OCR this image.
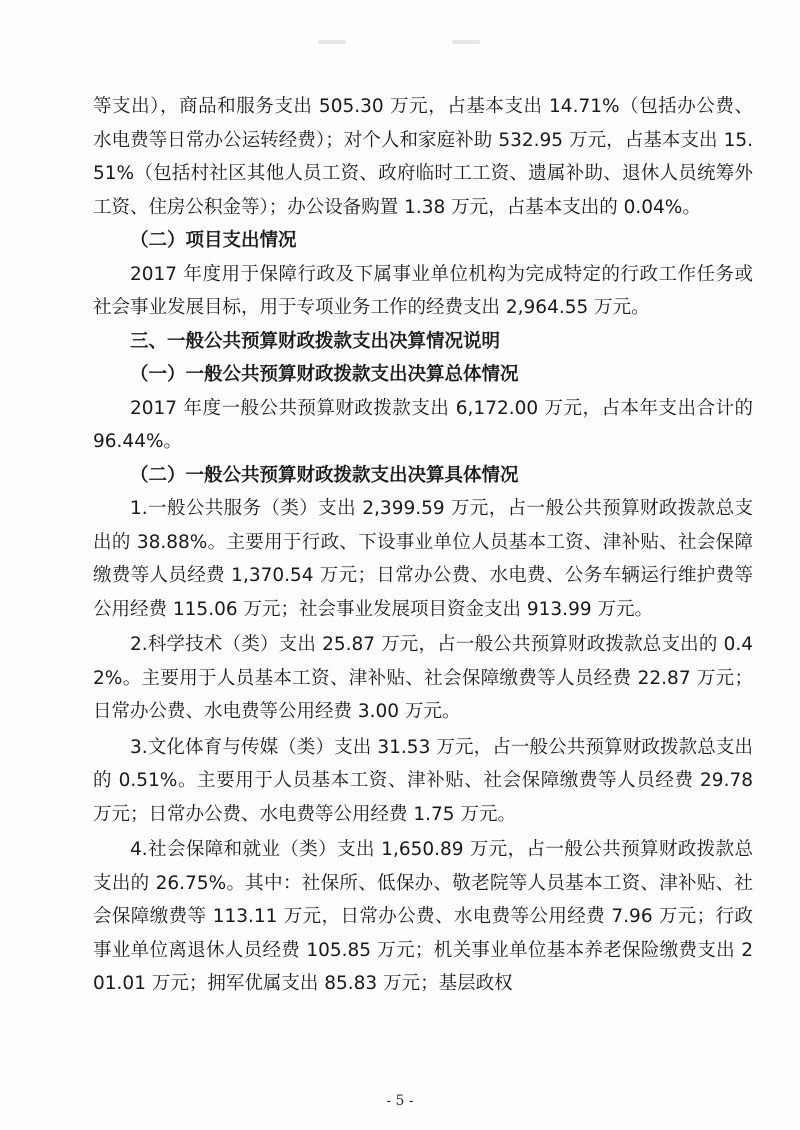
等支出），商品和服务支出 505.30 万元，占基本支出 14.71%（包括办公费、水电费等日常办公运转经费）；对个人和家庭补助 532.95 万元，占基本支出 15.51%（包括村社区其他人员工资、政府临时工工资、遗属补助、退休人员统筹外工资、住房公积金等）；办公设备购置 1.38 万元，占基本支出的 0.04%。

（二）项目支出情况

2017 年度用于保障行政及下属事业单位机构为完成特定的行政工作任务或社会事业发展目标，用于专项业务工作的经费支出 2,964.55 万元。

三、一般公共预算财政拨款支出决算情况说明

（一）一般公共预算财政拨款支出决算总体情况

2017 年度一般公共预算财政拨款支出 6,172.00 万元，占本年支出合计的 96.44%。

（二）一般公共预算财政拨款支出决算具体情况

1.一般公共服务（类）支出 2,399.59 万元，占一般公共预算财政拨款总支出的 38.88%。主要用于行政、下设事业单位人员基本工资、津补贴、社会保障缴费等人员经费 1,370.54 万元；日常办公费、水电费、公务车辆运行维护费等公用经费 115.06 万元；社会事业发展项目资金支出 913.99 万元。

2.科学技术（类）支出 25.87 万元，占一般公共预算财政拨款总支出的 0.42%。主要用于人员基本工资、津补贴、社会保障缴费等人员经费 22.87 万元；日常办公费、水电费等公用经费 3.00 万元。

3.文化体育与传媒（类）支出 31.53 万元，占一般公共预算财政拨款总支出的 0.51%。主要用于人员基本工资、津补贴、社会保障缴费等人员经费 29.78 万元；日常办公费、水电费等公用经费 1.75 万元。

4.社会保障和就业（类）支出 1,650.89 万元，占一般公共预算财政拨款总支出的 26.75%。其中：社保所、低保办、敬老院等人员基本工资、津补贴、社会保障缴费等 113.11 万元，日常办公费、水电费等公用经费 7.96 万元；行政事业单位离退休人员经费 105.85 万元；机关事业单位基本养老保险缴费支出 201.01 万元；拥军优属支出 85.83 万元；基层政权

- 5 -
